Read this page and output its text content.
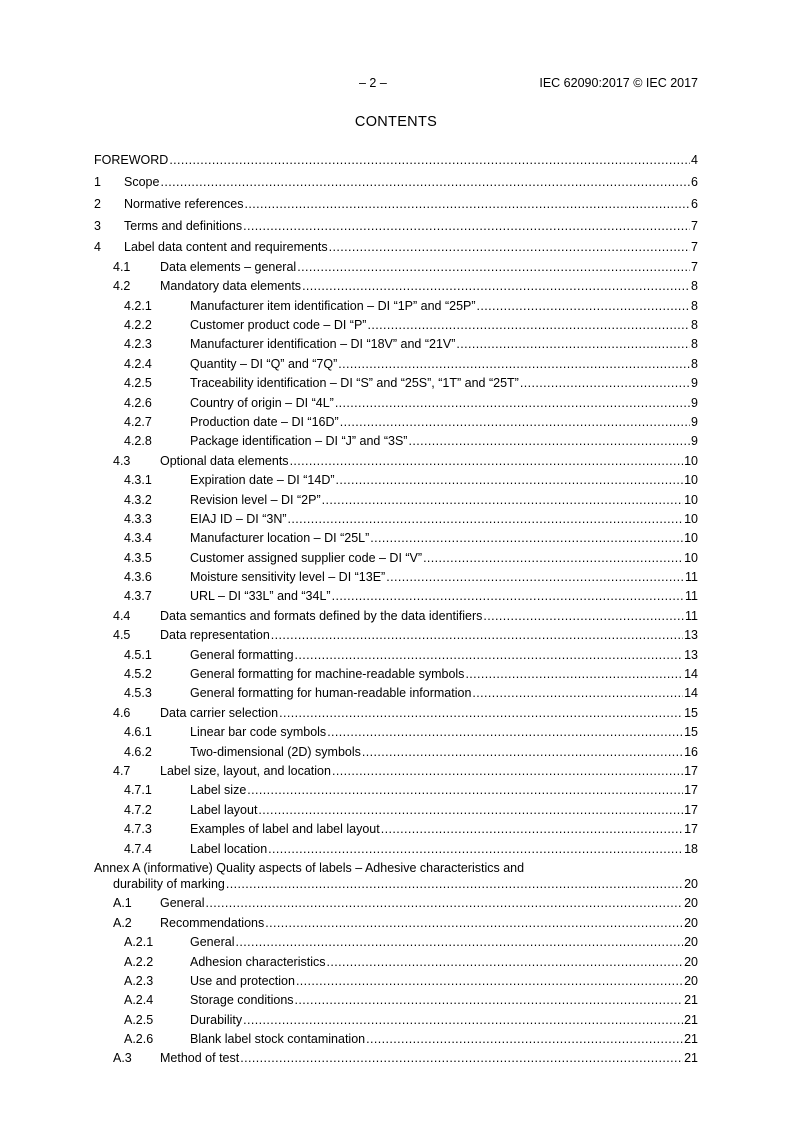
– 2 –	IEC 62090:2017 © IEC 2017
CONTENTS
FOREWORD .....	4
1 Scope .....	6
2 Normative references .....	6
3 Terms and definitions .....	7
4 Label data content and requirements .....	7
4.1 Data elements – general .....	7
4.2 Mandatory data elements .....	8
4.2.1	Manufacturer item identification – DI “1P” and “25P” .....	8
4.2.2	Customer product code – DI “P” .....	8
4.2.3	Manufacturer identification – DI “18V” and “21V” .....	8
4.2.4	Quantity – DI “Q” and “7Q” .....	8
4.2.5	Traceability identification – DI “S” and “25S”, “1T” and “25T” .....	9
4.2.6	Country of origin – DI “4L” .....	9
4.2.7	Production date – DI “16D” .....	9
4.2.8	Package identification – DI “J” and “3S” .....	9
4.3 Optional data elements .....	10
4.3.1	Expiration date – DI “14D” .....	10
4.3.2	Revision level – DI “2P” .....	10
4.3.3	EIAJ ID – DI “3N” .....	10
4.3.4	Manufacturer location – DI “25L” .....	10
4.3.5	Customer assigned supplier code – DI “V” .....	10
4.3.6	Moisture sensitivity level – DI “13E” .....	11
4.3.7	URL – DI “33L” and “34L” .....	11
4.4 Data semantics and formats defined by the data identifiers .....	11
4.5 Data representation .....	13
4.5.1	General formatting .....	13
4.5.2	General formatting for machine-readable symbols .....	14
4.5.3	General formatting for human-readable information .....	14
4.6 Data carrier selection .....	15
4.6.1	Linear bar code symbols .....	15
4.6.2	Two-dimensional (2D) symbols .....	16
4.7 Label size, layout, and location .....	17
4.7.1	Label size .....	17
4.7.2	Label layout .....	17
4.7.3	Examples of label and label layout .....	17
4.7.4	Label location .....	18
Annex A (informative) Quality aspects of labels – Adhesive characteristics and
durability of marking .....	20
A.1 General .....	20
A.2 Recommendations .....	20
A.2.1	General .....	20
A.2.2	Adhesion characteristics .....	20
A.2.3	Use and protection .....	20
A.2.4	Storage conditions .....	21
A.2.5	Durability .....	21
A.2.6	Blank label stock contamination .....	21
A.3 Method of test .....	21
